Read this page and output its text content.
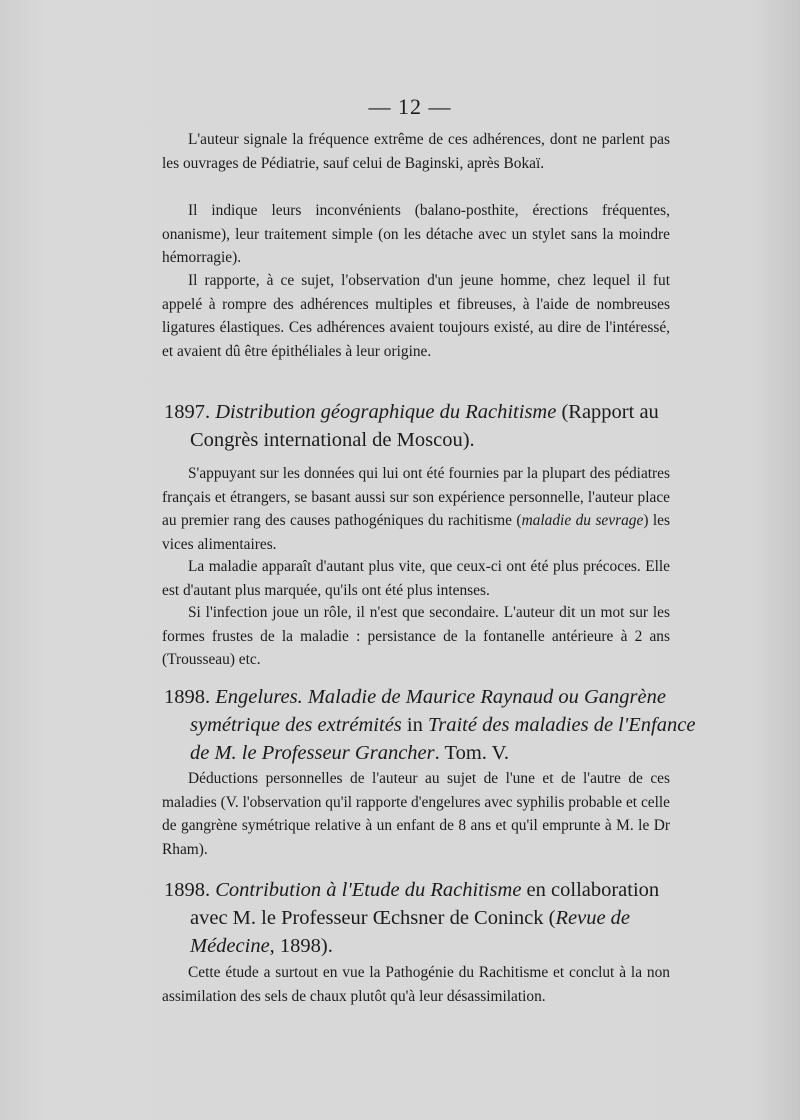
— 12 —

L'auteur signale la fréquence extrême de ces adhérences, dont ne parlent pas les ouvrages de Pédiatrie, sauf celui de Baginski, après Bokaï.

Il indique leurs inconvénients (balano-posthite, érections fréquentes, onanisme), leur traitement simple (on les détache avec un stylet sans la moindre hémorragie).

Il rapporte, à ce sujet, l'observation d'un jeune homme, chez lequel il fut appelé à rompre des adhérences multiples et fibreuses, à l'aide de nombreuses ligatures élastiques. Ces adhérences avaient toujours existé, au dire de l'intéressé, et avaient dû être épithéliales à leur origine.

1897. Distribution géographique du Rachitisme (Rapport au Congrès international de Moscou).

S'appuyant sur les données qui lui ont été fournies par la plupart des pédiatres français et étrangers, se basant aussi sur son expérience personnelle, l'auteur place au premier rang des causes pathogéniques du rachitisme (maladie du sevrage) les vices alimentaires.

La maladie apparaît d'autant plus vite, que ceux-ci ont été plus précoces. Elle est d'autant plus marquée, qu'ils ont été plus intenses.

Si l'infection joue un rôle, il n'est que secondaire. L'auteur dit un mot sur les formes frustes de la maladie : persistance de la fontanelle antérieure à 2 ans (Trousseau) etc.

1898. Engelures. Maladie de Maurice Raynaud ou Gangrène symétrique des extrémités in Traité des maladies de l'Enfance de M. le Professeur Grancher. Tom. V.

Déductions personnelles de l'auteur au sujet de l'une et de l'autre de ces maladies (V. l'observation qu'il rapporte d'engelures avec syphilis probable et celle de gangrène symétrique relative à un enfant de 8 ans et qu'il emprunte à M. le Dr Rham).

1898. Contribution à l'Etude du Rachitisme en collaboration avec M. le Professeur Œchsner de Coninck (Revue de Médecine, 1898).

Cette étude a surtout en vue la Pathogénie du Rachitisme et conclut à la non assimilation des sels de chaux plutôt qu'à leur désassimilation.
